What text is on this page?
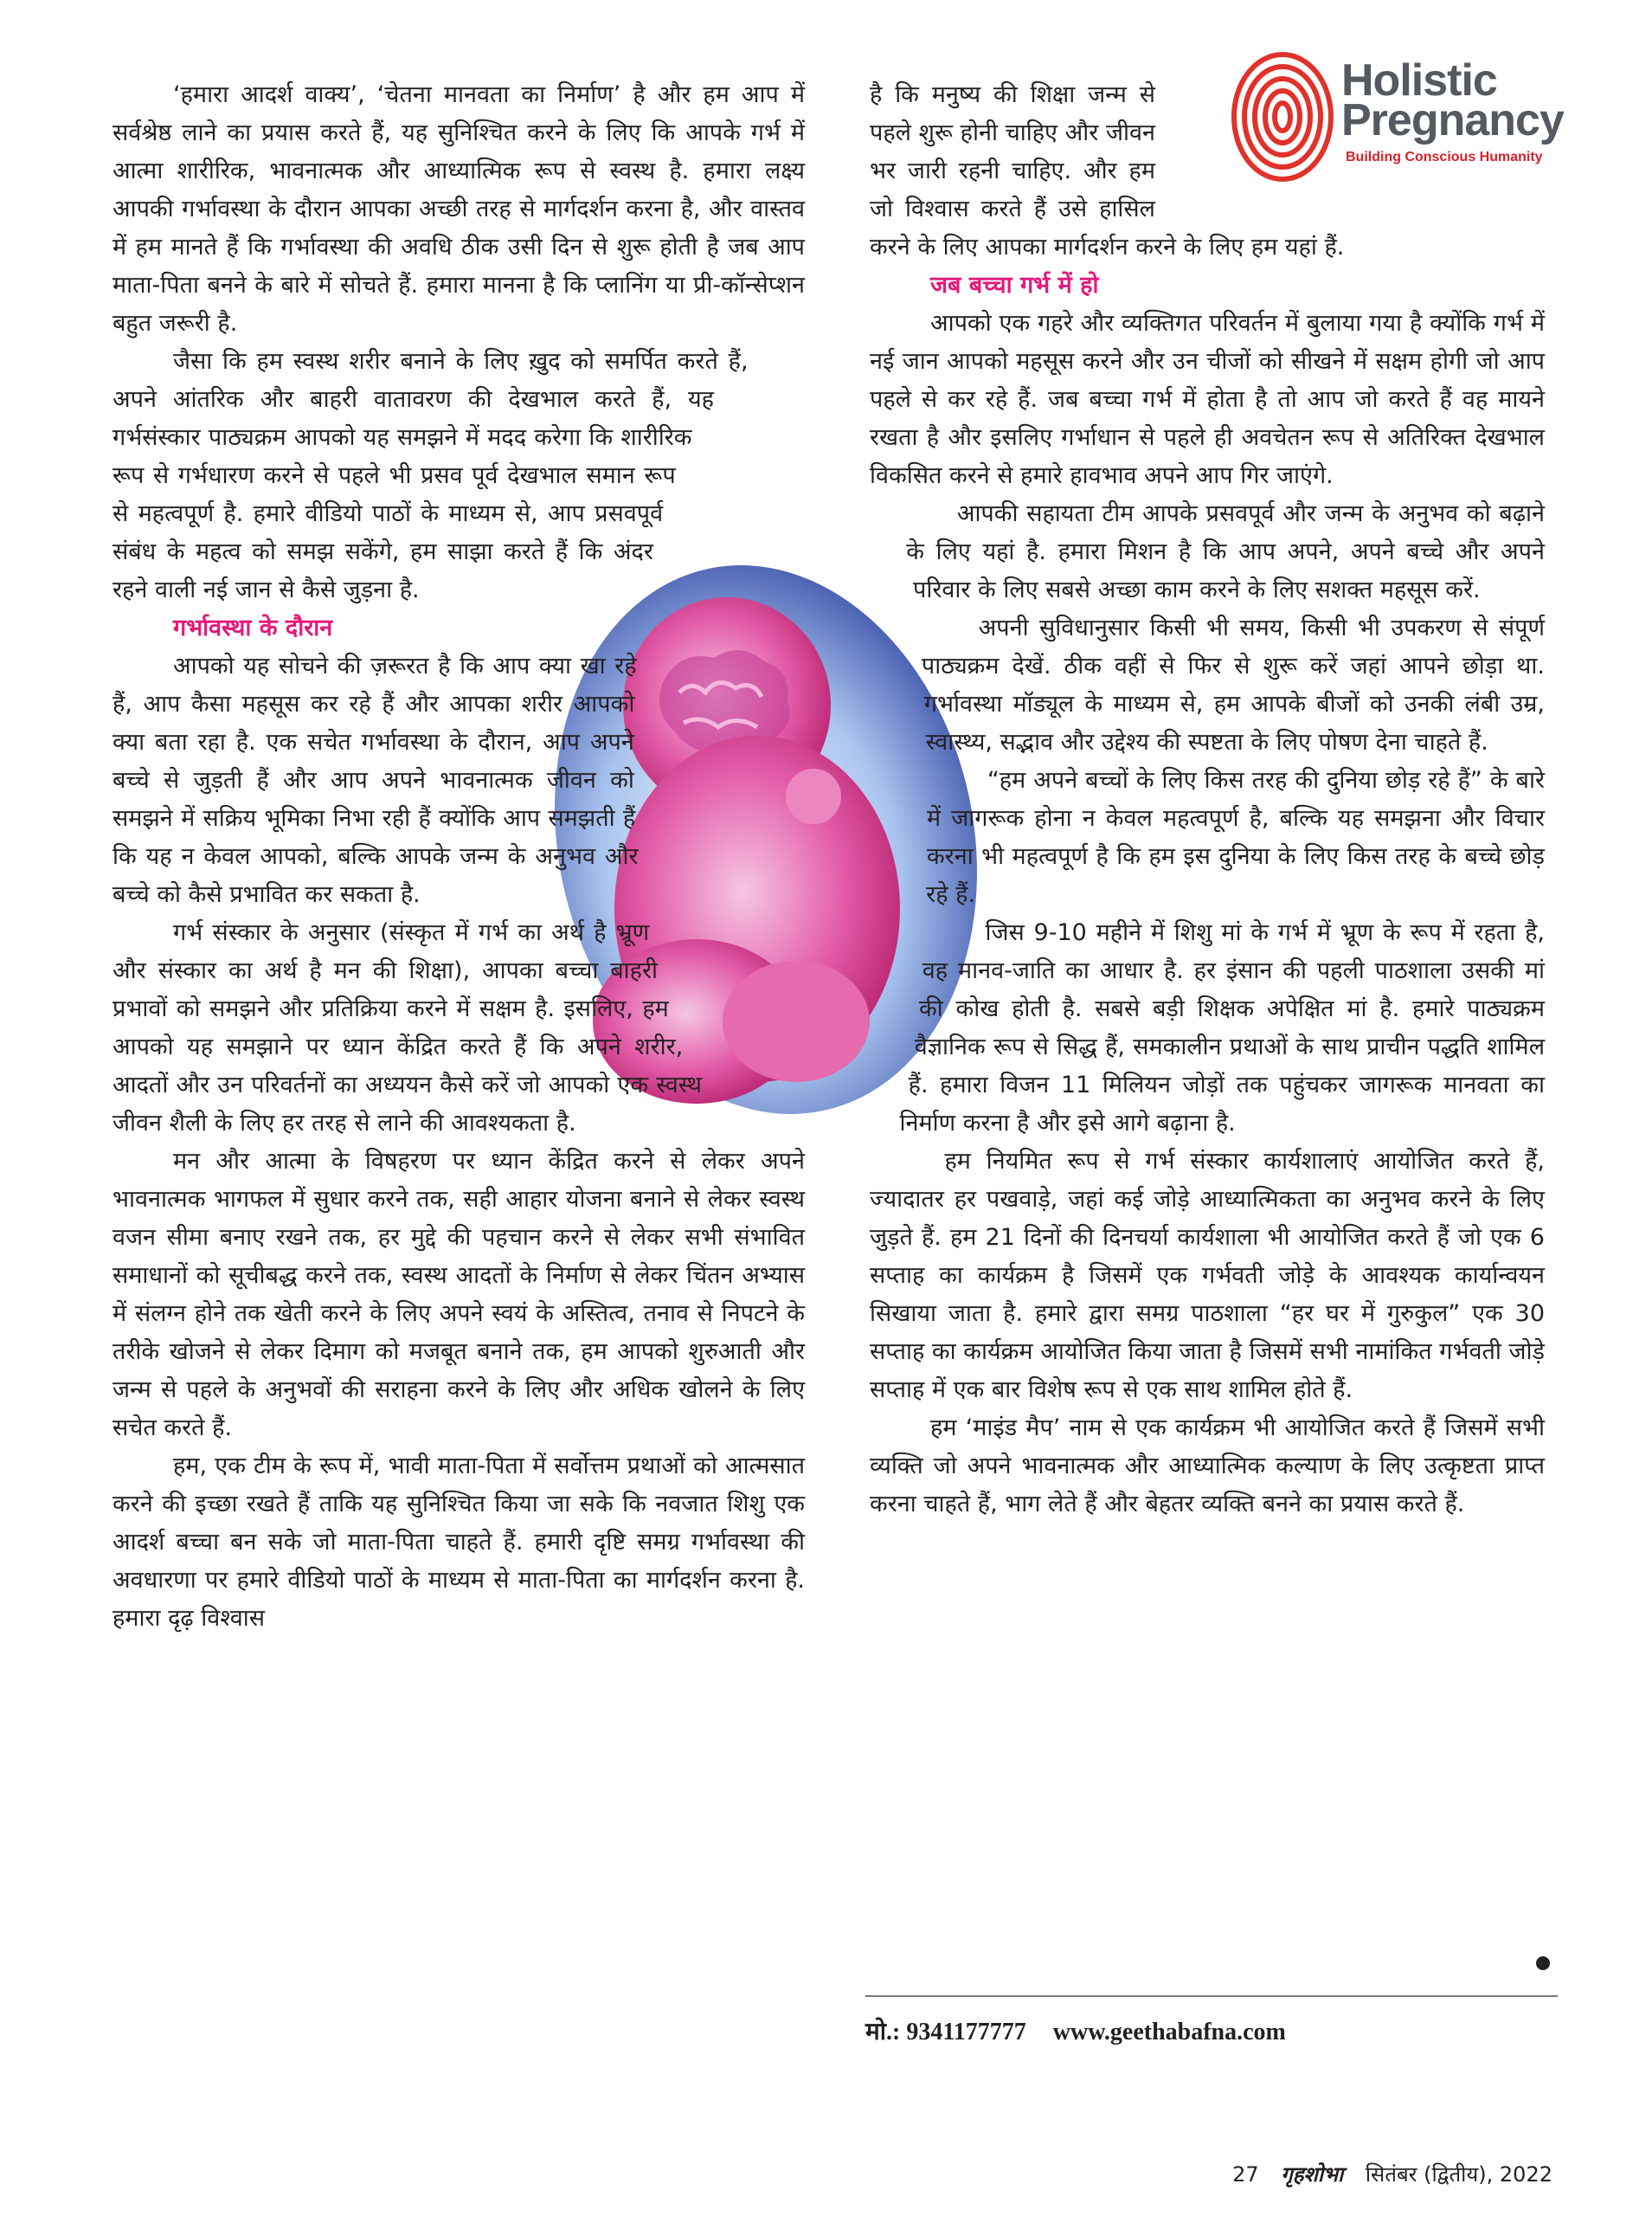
Holistic
Pregnancy
Building Conscious Humanity

‘हमारा आदर्श वाक्य’, ‘चेतना मानवता का निर्माण’ है और हम आप में सर्वश्रेष्ठ लाने का प्रयास करते हैं, यह सुनिश्चित करने के लिए कि आपके गर्भ में आत्मा शारीरिक, भावनात्मक और आध्यात्मिक रूप से स्वस्थ है. हमारा लक्ष्य आपकी गर्भावस्था के दौरान आपका अच्छी तरह से मार्गदर्शन करना है, और वास्तव में हम मानते हैं कि गर्भावस्था की अवधि ठीक उसी दिन से शुरू होती है जब आप माता-पिता बनने के बारे में सोचते हैं. हमारा मानना है कि प्लानिंग या प्री-कॉन्सेप्शन बहुत जरूरी है.

जैसा कि हम स्वस्थ शरीर बनाने के लिए ख़ुद को समर्पित करते हैं, अपने आंतरिक और बाहरी वातावरण की देखभाल करते हैं, यह गर्भसंस्कार पाठ्यक्रम आपको यह समझने में मदद करेगा कि शारीरिक रूप से गर्भधारण करने से पहले भी प्रसव पूर्व देखभाल समान रूप से महत्वपूर्ण है. हमारे वीडियो पाठों के माध्यम से, आप प्रसवपूर्व संबंध के महत्व को समझ सकेंगे, हम साझा करते हैं कि अंदर रहने वाली नई जान से कैसे जुड़ना है.

गर्भावस्था के दौरान

आपको यह सोचने की ज़रूरत है कि आप क्या खा रहे हैं, आप कैसा महसूस कर रहे हैं और आपका शरीर आपको क्या बता रहा है. एक सचेत गर्भावस्था के दौरान, आप अपने बच्चे से जुड़ती हैं और आप अपने भावनात्मक जीवन को समझने में सक्रिय भूमिका निभा रही हैं क्योंकि आप समझती हैं कि यह न केवल आपको, बल्कि आपके जन्म के अनुभव और बच्चे को कैसे प्रभावित कर सकता है.

गर्भ संस्कार के अनुसार (संस्कृत में गर्भ का अर्थ है भ्रूण और संस्कार का अर्थ है मन की शिक्षा), आपका बच्चा बाहरी प्रभावों को समझने और प्रतिक्रिया करने में सक्षम है. इसलिए, हम आपको यह समझाने पर ध्यान केंद्रित करते हैं कि अपने शरीर, आदतों और उन परिवर्तनों का अध्ययन कैसे करें जो आपको एक स्वस्थ जीवन शैली के लिए हर तरह से लाने की आवश्यकता है.

मन और आत्मा के विषहरण पर ध्यान केंद्रित करने से लेकर अपने भावनात्मक भागफल में सुधार करने तक, सही आहार योजना बनाने से लेकर स्वस्थ वजन सीमा बनाए रखने तक, हर मुद्दे की पहचान करने से लेकर सभी संभावित समाधानों को सूचीबद्ध करने तक, स्वस्थ आदतों के निर्माण से लेकर चिंतन अभ्यास में संलग्न होने तक खेती करने के लिए अपने स्वयं के अस्तित्व, तनाव से निपटने के तरीके खोजने से लेकर दिमाग को मजबूत बनाने तक, हम आपको शुरुआती और जन्म से पहले के अनुभवों की सराहना करने के लिए और अधिक खोलने के लिए सचेत करते हैं.

हम, एक टीम के रूप में, भावी माता-पिता में सर्वोत्तम प्रथाओं को आत्मसात करने की इच्छा रखते हैं ताकि यह सुनिश्चित किया जा सके कि नवजात शिशु एक आदर्श बच्चा बन सके जो माता-पिता चाहते हैं. हमारी दृष्टि समग्र गर्भावस्था की अवधारणा पर हमारे वीडियो पाठों के माध्यम से माता-पिता का मार्गदर्शन करना है. हमारा दृढ़ विश्वास

है कि मनुष्य की शिक्षा जन्म से पहले शुरू होनी चाहिए और जीवन भर जारी रहनी चाहिए. और हम जो विश्वास करते हैं उसे हासिल करने के लिए आपका मार्गदर्शन करने के लिए हम यहां हैं.

जब बच्चा गर्भ में हो

आपको एक गहरे और व्यक्तिगत परिवर्तन में बुलाया गया है क्योंकि गर्भ में नई जान आपको महसूस करने और उन चीजों को सीखने में सक्षम होगी जो आप पहले से कर रहे हैं. जब बच्चा गर्भ में होता है तो आप जो करते हैं वह मायने रखता है और इसलिए गर्भाधान से पहले ही अवचेतन रूप से अतिरिक्त देखभाल विकसित करने से हमारे हावभाव अपने आप गिर जाएंगे.

आपकी सहायता टीम आपके प्रसवपूर्व और जन्म के अनुभव को बढ़ाने के लिए यहां है. हमारा मिशन है कि आप अपने, अपने बच्चे और अपने परिवार के लिए सबसे अच्छा काम करने के लिए सशक्त महसूस करें.

अपनी सुविधानुसार किसी भी समय, किसी भी उपकरण से संपूर्ण पाठ्यक्रम देखें. ठीक वहीं से फिर से शुरू करें जहां आपने छोड़ा था. गर्भावस्था मॉड्यूल के माध्यम से, हम आपके बीजों को उनकी लंबी उम्र, स्वास्थ्य, सद्भाव और उद्देश्य की स्पष्टता के लिए पोषण देना चाहते हैं.

“हम अपने बच्चों के लिए किस तरह की दुनिया छोड़ रहे हैं” के बारे में जागरूक होना न केवल महत्वपूर्ण है, बल्कि यह समझना और विचार करना भी महत्वपूर्ण है कि हम इस दुनिया के लिए किस तरह के बच्चे छोड़ रहे हैं.

जिस 9-10 महीने में शिशु मां के गर्भ में भ्रूण के रूप में रहता है, वह मानव-जाति का आधार है. हर इंसान की पहली पाठशाला उसकी मां की कोख होती है. सबसे बड़ी शिक्षक अपेक्षित मां है. हमारे पाठ्यक्रम वैज्ञानिक रूप से सिद्ध हैं, समकालीन प्रथाओं के साथ प्राचीन पद्धति शामिल हैं. हमारा विजन 11 मिलियन जोड़ों तक पहुंचकर जागरूक मानवता का निर्माण करना है और इसे आगे बढ़ाना है.

हम नियमित रूप से गर्भ संस्कार कार्यशालाएं आयोजित करते हैं, ज्यादातर हर पखवाड़े, जहां कई जोड़े आध्यात्मिकता का अनुभव करने के लिए जुड़ते हैं. हम 21 दिनों की दिनचर्या कार्यशाला भी आयोजित करते हैं जो एक 6 सप्ताह का कार्यक्रम है जिसमें एक गर्भवती जोड़े के आवश्यक कार्यान्वयन सिखाया जाता है. हमारे द्वारा समग्र पाठशाला “हर घर में गुरुकुल” एक 30 सप्ताह का कार्यक्रम आयोजित किया जाता है जिसमें सभी नामांकित गर्भवती जोड़े सप्ताह में एक बार विशेष रूप से एक साथ शामिल होते हैं.

हम ‘माइंड मैप’ नाम से एक कार्यक्रम भी आयोजित करते हैं जिसमें सभी व्यक्ति जो अपने भावनात्मक और आध्यात्मिक कल्याण के लिए उत्कृष्टता प्राप्त करना चाहते हैं, भाग लेते हैं और बेहतर व्यक्ति बनने का प्रयास करते हैं.

मो.: 9341177777 www.geethabafna.com
27 गृहशोभा सितंबर (द्वितीय), 2022
